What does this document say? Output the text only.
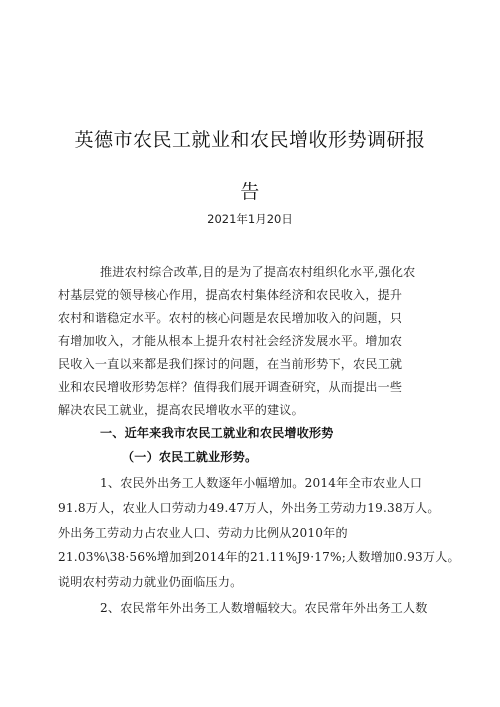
英德市农民工就业和农民增收形势调研报
告
2021年1月20日
推进农村综合改革,目的是为了提高农村组织化水平,强化农
村基层党的领导核心作用，提高农村集体经济和农民收入，提升
农村和谐稳定水平。农村的核心问题是农民增加收入的问题，只
有增加收入，才能从根本上提升农村社会经济发展水平。增加农
民收入一直以来都是我们探讨的问题，在当前形势下，农民工就
业和农民增收形势怎样？值得我们展开调查研究，从而提出一些
解决农民工就业，提高农民增收水平的建议。
一、近年来我市农民工就业和农民增收形势
（一）农民工就业形势。
1、农民外出务工人数逐年小幅增加。2014年全市农业人口
91.8万人，农业人口劳动力49.47万人，外出务工劳动力19.38万人。
外出务工劳动力占农业人口、劳动力比例从2010年的
21.03%\38·56%增加到2014年的21.11%J9·17%;人数增加0.93万人。
说明农村劳动力就业仍面临压力。
2、农民常年外出务工人数增幅较大。农民常年外出务工人数
